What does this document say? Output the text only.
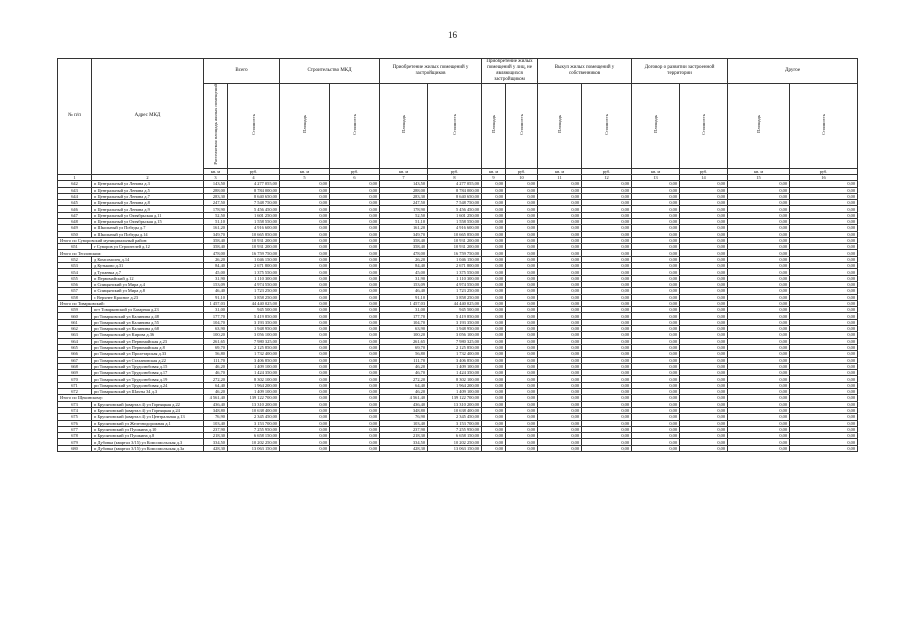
16
№ п/п	Адрес МКД	Всего		Строительство МКД		Приобретение жилых помещений у застройщиков		Приобретение жилых помещений у лиц, не являющихся застройщиком		Выкуп жилых помещений у собственников		Договор о развитии застроенной территории		Другое	
		Расселяемая площадь жилых помещений	Стоимость	Площадь	Стоимость	Площадь	Стоимость	Площадь	Стоимость	Площадь	Стоимость	Площадь	Стоимость	Площадь	Стоимость
		кв. м	руб.	кв. м	руб.	кв. м	руб.	кв. м	руб.	кв. м	руб.	кв. м	руб.	кв. м	руб.
1	2	3	4	5	6	7	8	9	10	11	12	13	14	15	16
642	п Центральный ул Ленина д.3	143,50	4 277 055,00	0,00	0,00	143,50	4 277 055,00	0,00	0,00	0,00	0,00	0,00	0,00	0,00	0,00
643	п Центральный ул Ленина д.5	288,00	8 784 000,00	0,00	0,00	288,00	8 784 000,00	0,00	0,00	0,00	0,00	0,00	0,00	0,00	0,00
644	п Центральный ул Ленина д.7	283,30	8 640 650,00	0,00	0,00	283,30	8 640 650,00	0,00	0,00	0,00	0,00	0,00	0,00	0,00	0,00
645	п Центральный ул Ленина д.8	247,50	7 548 750,00	0,00	0,00	247,50	7 548 750,00	0,00	0,00	0,00	0,00	0,00	0,00	0,00	0,00
646	п Центральный ул Ленина д.9	178,90	5 456 450,00	0,00	0,00	178,90	5 456 450,00	0,00	0,00	0,00	0,00	0,00	0,00	0,00	0,00
647	п Центральный ул Октябрьская д.11	52,50	1 601 250,00	0,00	0,00	52,50	1 601 250,00	0,00	0,00	0,00	0,00	0,00	0,00	0,00	0,00
648	п Центральный ул Октябрьская д.15	51,10	1 558 550,00	0,00	0,00	51,10	1 558 550,00	0,00	0,00	0,00	0,00	0,00	0,00	0,00	0,00
649	п Школьный ул Победы д.7	161,20	4 916 600,00	0,00	0,00	161,20	4 916 600,00	0,00	0,00	0,00	0,00	0,00	0,00	0,00	0,00
650	п Школьный ул Победы д.14	349,70	10 665 850,00	0,00	0,00	349,70	10 665 850,00	0,00	0,00	0,00	0,00	0,00	0,00	0,00	0,00
Итого по Суворовский муниципальный район:		358,40	10 931 200,00	0,00	0,00	358,40	10 931 200,00	0,00	0,00	0,00	0,00	0,00	0,00	0,00	0,00
651	г Суворов ул Строителей д.12	358,40	10 931 200,00	0,00	0,00	358,40	10 931 200,00	0,00	0,00	0,00	0,00	0,00	0,00	0,00	0,00
Итого по Тепловским:		478,00	16 759 750,00	0,00	0,00	478,00	16 759 750,00	0,00	0,00	0,00	0,00	0,00	0,00	0,00	0,00
652	д Комсомолец д.14	26,20	1 046 150,00	0,00	0,00	26,20	1 046 150,00	0,00	0,00	0,00	0,00	0,00	0,00	0,00	0,00
653	д Кутьково д.31	84,40	2 671 800,00	0,00	0,00	84,40	2 671 800,00	0,00	0,00	0,00	0,00	0,00	0,00	0,00	0,00
654	д Тупаевка д.7	45,00	1 375 550,00	0,00	0,00	45,00	1 375 550,00	0,00	0,00	0,00	0,00	0,00	0,00	0,00	0,00
655	п Первомайский д.12	31,90	1 110 300,00	0,00	0,00	31,90	1 110 300,00	0,00	0,00	0,00	0,00	0,00	0,00	0,00	0,00
656	п Спицынский ул Мира д.4	153,09	4 974 550,00	0,00	0,00	153,09	4 974 550,00	0,00	0,00	0,00	0,00	0,00	0,00	0,00	0,00
657	п Спицынский ул Мира д.8	46,40	1 723 250,00	0,00	0,00	46,40	1 723 250,00	0,00	0,00	0,00	0,00	0,00	0,00	0,00	0,00
658	с Верхнее Красное д.23	91,10	3 858 250,00	0,00	0,00	91,10	3 858 250,00	0,00	0,00	0,00	0,00	0,00	0,00	0,00	0,00
Итого по Товарковский:		1 457,03	44 440 025,00	0,00	0,00	1 457,03	44 440 025,00	0,00	0,00	0,00	0,00	0,00	0,00	0,00	0,00
659	пгт Товарковский ул Базарная д.23	31,00	945 500,00	0,00	0,00	31,00	945 500,00	0,00	0,00	0,00	0,00	0,00	0,00	0,00	0,00
660	рп Товарковский ул Калинина д.48	177,70	5 419 850,00	0,00	0,00	177,70	5 419 850,00	0,00	0,00	0,00	0,00	0,00	0,00	0,00	0,00
661	рп Товарковский ул Калинина д.55	104,70	3 193 350,00	0,00	0,00	104,70	3 193 350,00	0,00	0,00	0,00	0,00	0,00	0,00	0,00	0,00
662	рп Товарковский ул Калинина д.68	63,90	1 948 950,00	0,00	0,00	63,90	1 948 950,00	0,00	0,00	0,00	0,00	0,00	0,00	0,00	0,00
663	рп Товарковский ул Кирова д.36	100,20	3 056 100,00	0,00	0,00	100,20	3 056 100,00	0,00	0,00	0,00	0,00	0,00	0,00	0,00	0,00
664	рп Товарковский ул Первомайская д.23	261,65	7 980 325,00	0,00	0,00	261,65	7 980 325,00	0,00	0,00	0,00	0,00	0,00	0,00	0,00	0,00
665	рп Товарковский ул Первомайская д.8	69,70	2 125 850,00	0,00	0,00	69,70	2 125 850,00	0,00	0,00	0,00	0,00	0,00	0,00	0,00	0,00
666	рп Товарковский ул Пролетарская д.33	56,80	1 732 400,00	0,00	0,00	56,80	1 732 400,00	0,00	0,00	0,00	0,00	0,00	0,00	0,00	0,00
667	рп Товарковский ул Стахановская д.22	111,70	3 406 850,00	0,00	0,00	111,70	3 406 850,00	0,00	0,00	0,00	0,00	0,00	0,00	0,00	0,00
668	рп Товарковский ул Трудолюбовая д.15	46,20	1 409 100,00	0,00	0,00	46,20	1 409 100,00	0,00	0,00	0,00	0,00	0,00	0,00	0,00	0,00
669	рп Товарковский ул Трудолюбовая д.17	46,70	1 424 350,00	0,00	0,00	46,70	1 424 350,00	0,00	0,00	0,00	0,00	0,00	0,00	0,00	0,00
670	рп Товарковский ул Трудолюбовая д.19	272,20	8 302 100,00	0,00	0,00	272,20	8 302 100,00	0,00	0,00	0,00	0,00	0,00	0,00	0,00	0,00
671	рп Товарковский ул Трудолюбовая д.24	64,40	1 964 200,00	0,00	0,00	64,40	1 964 200,00	0,00	0,00	0,00	0,00	0,00	0,00	0,00	0,00
672	рп Товарковский ул Шахты 34 д.3	46,20	1 409 100,00	0,00	0,00	46,20	1 409 100,00	0,00	0,00	0,00	0,00	0,00	0,00	0,00	0,00
Итого по Щекинскому:		4 561,40	139 122 700,00	0,00	0,00	4 561,40	139 122 700,00	0,00	0,00	0,00	0,00	0,00	0,00	0,00	0,00
673	п Брусяновский (квартал 4) ул Горняцкая д.22	436,40	13 310 200,00	0,00	0,00	436,40	13 310 200,00	0,00	0,00	0,00	0,00	0,00	0,00	0,00	0,00
674	п Брусяновский (квартал 4) ул Горняцкая д.24	348,80	10 638 400,00	0,00	0,00	348,80	10 638 400,00	0,00	0,00	0,00	0,00	0,00	0,00	0,00	0,00
675	п Брусяновский (квартал 4) ул Центральная д.13	76,90	2 345 450,00	0,00	0,00	76,90	2 345 450,00	0,00	0,00	0,00	0,00	0,00	0,00	0,00	0,00
676	п Брусяновский ул Железнодорожная д.1	103,40	3 153 700,00	0,00	0,00	103,40	3 153 700,00	0,00	0,00	0,00	0,00	0,00	0,00	0,00	0,00
677	п Брусяновский ул Пушкина д.10	237,90	7 255 950,00	0,00	0,00	237,90	7 255 950,00	0,00	0,00	0,00	0,00	0,00	0,00	0,00	0,00
678	п Брусяновский ул Пушкина д.8	218,30	6 658 150,00	0,00	0,00	218,30	6 658 150,00	0,00	0,00	0,00	0,00	0,00	0,00	0,00	0,00
679	п Дубовка (квартал 3/15) ул Комсомольская д.3	334,50	10 202 250,00	0,00	0,00	334,50	10 202 250,00	0,00	0,00	0,00	0,00	0,00	0,00	0,00	0,00
680	п Дубовка (квартал 3/15) ул Комсомольская д.3а	428,30	13 063 150,00	0,00	0,00	428,30	13 063 150,00	0,00	0,00	0,00	0,00	0,00	0,00	0,00	0,00
